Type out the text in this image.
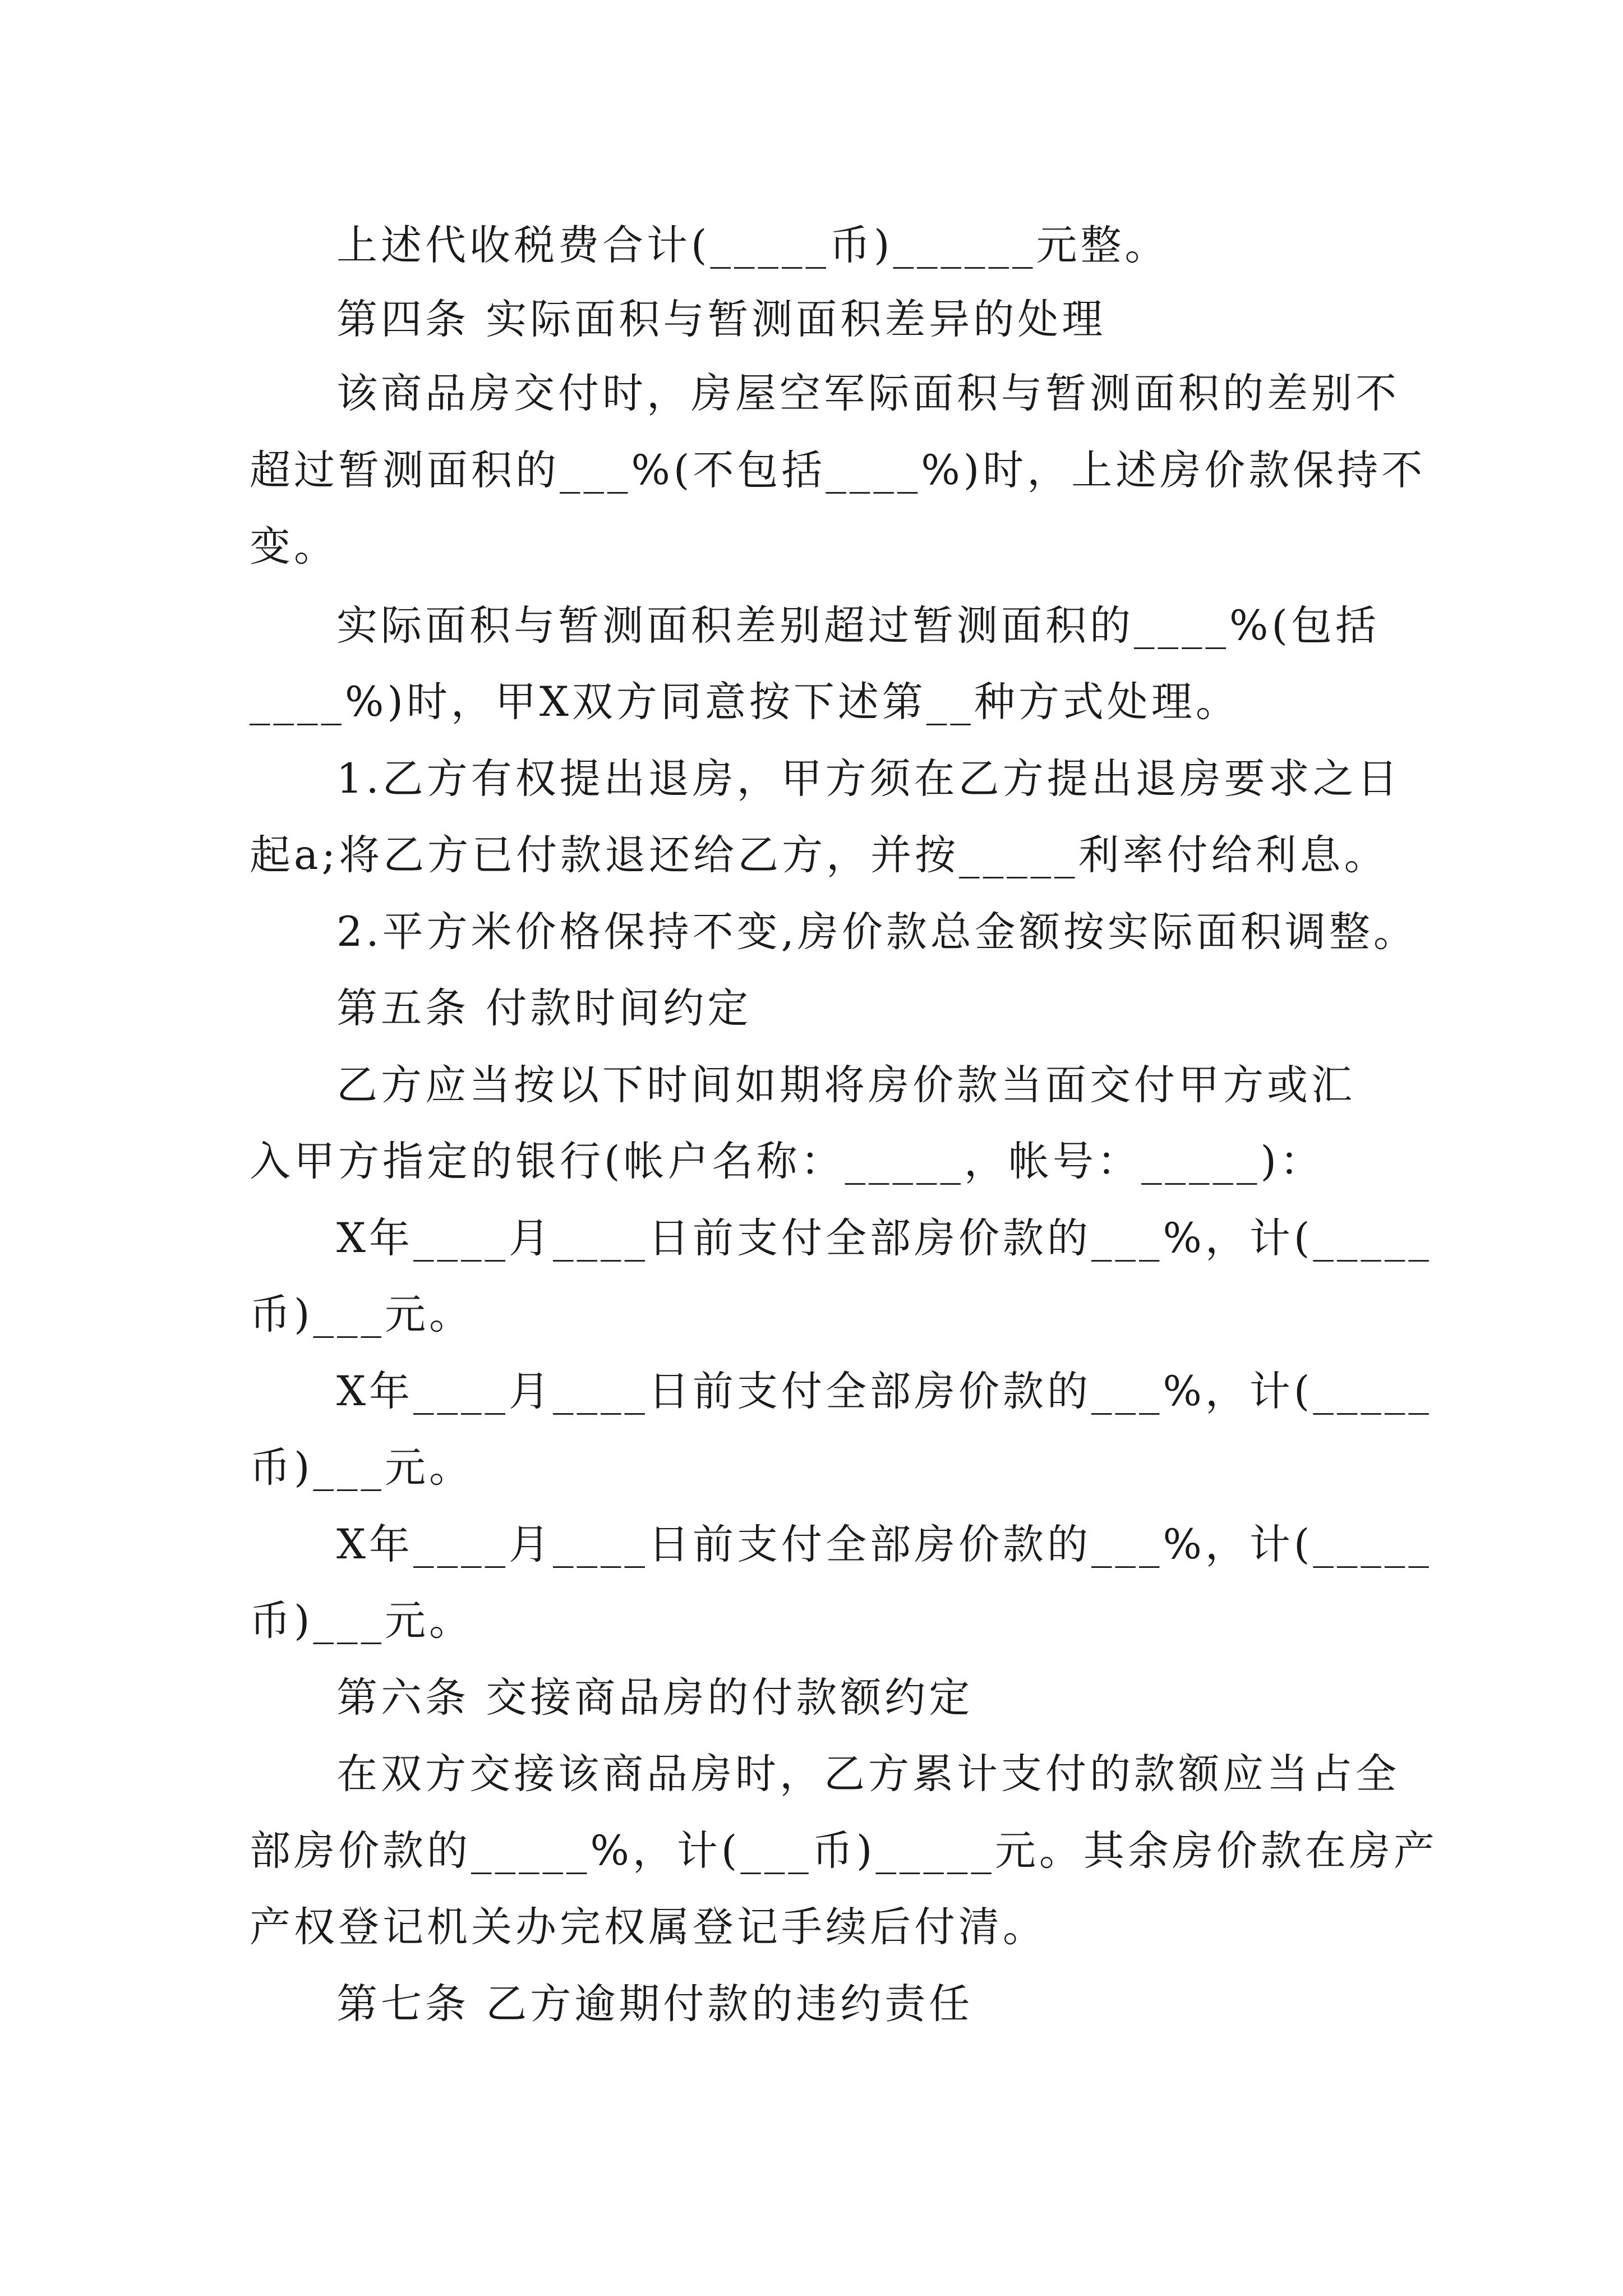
上述代收税费合计(_____币)______元整。
第四条 实际面积与暂测面积差异的处理
该商品房交付时，房屋空军际面积与暂测面积的差别不
超过暂测面积的___%(不包括____%)时，上述房价款保持不
变。
实际面积与暂测面积差别超过暂测面积的____%(包括
____%)时，甲X双方同意按下述第__种方式处理。
1.乙方有权提出退房，甲方须在乙方提出退房要求之日
起a;将乙方已付款退还给乙方，并按_____利率付给利息。
2.平方米价格保持不变,房价款总金额按实际面积调整。
第五条 付款时间约定
乙方应当按以下时间如期将房价款当面交付甲方或汇
入甲方指定的银行(帐户名称：_____，帐号：_____)：
X年____月____日前支付全部房价款的___%，计(_____
币)___元。
X年____月____日前支付全部房价款的___%，计(_____
币)___元。
X年____月____日前支付全部房价款的___%，计(_____
币)___元。
第六条 交接商品房的付款额约定
在双方交接该商品房时，乙方累计支付的款额应当占全
部房价款的_____%，计(___币)_____元。其余房价款在房产
产权登记机关办完权属登记手续后付清。
第七条 乙方逾期付款的违约责任
